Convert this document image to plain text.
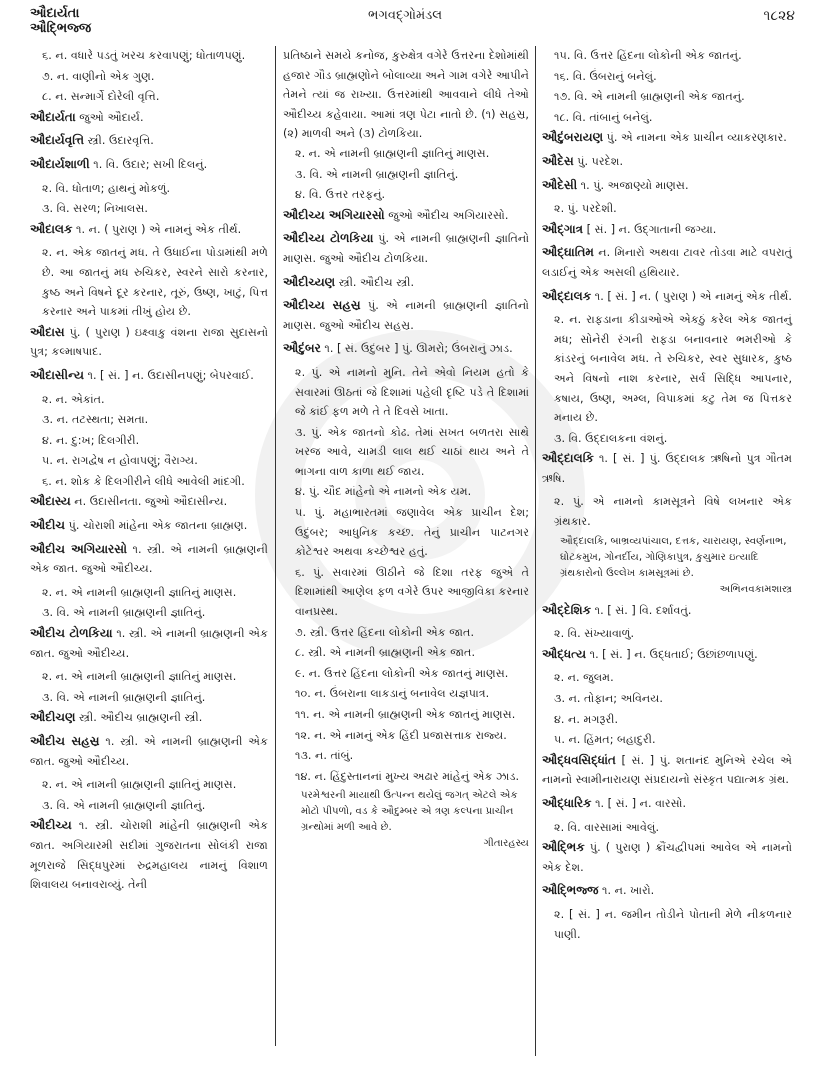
ઔદાર્યતા
ઔદ્ભિજ્જ
ભગવદ્ગોમંડલ	૧૮૨૪
૬. ન. વધારે પડતું ખરચ કરવાપણું; ધોતાળપણું.
૭. ન. વાણીનો એક ગુણ.
૮. ન. સન્માર્ગે દોરેલી વૃત્તિ.
ઔદાર્યતા જુઓ ઔદાર્ય.
ઔદાર્યવૃત્તિ સ્ત્રી. ઉદારવૃત્તિ.
ઔદાર્યશાળી ૧. વિ. ઉદાર; સખી દિલનું.
૨. વિ. ધોતાળ; હાથનું મોકળું.
૩. વિ. સરળ; નિખાલસ.
ઔદાલક ૧. ન. ( પુરાણ ) એ નામનું એક તીર્થ.
૨. ન. એક જાતનું મધ. તે ઉધાઈના પોડામાંથી મળે છે. આ જાતનું મધ રુચિકર, સ્વરને સારો કરનાર, કુષ્ઠ અને વિષને દૂર કરનાર, તૂરું, ઉષ્ણ, ખાટું, પિત્ત કરનાર અને પાકમાં તીખું હોય છે.
ઔદાસ પું. ( પુરાણ ) ઇક્ષ્વાકુ વંશના રાજા સુદાસનો પુત્ર; કલ્માષપાદ.
ઔદાસીન્ય ૧. [ સં. ] ન. ઉદાસીનપણું; બેપરવાઈ.
૨. ન. એકાંત.
૩. ન. તટસ્થતા; સમતા.
૪. ન. દુ:ખ; દિલગીરી.
૫. ન. રાગદ્વેષ ન હોવાપણું; વૈરાગ્ય.
૬. ન. શોક કે દિલગીરીને લીધે આવેલી માંદગી.
ઔદાસ્ય ન. ઉદાસીનતા. જુઓ ઔદાસીન્ય.
ઔદીચ પું. ચોરાશી માંહેના એક જાતના બ્રાહ્મણ.
ઔદીચ અગિયારસો ૧. સ્ત્રી. એ નામની બ્રાહ્મણની એક જાત. જુઓ ઔદીચ્ય.
૨. ન. એ નામની બ્રાહ્મણની જ્ઞાતિનું માણસ.
૩. વિ. એ નામની બ્રાહ્મણની જ્ઞાતિનું.
ઔદીચ ટોળકિયા ૧. સ્ત્રી. એ નામની બ્રાહ્મણની એક જાત. જુઓ ઔદીચ્ય.
૨. ન. એ નામની બ્રાહ્મણની જ્ઞાતિનું માણસ.
૩. વિ. એ નામની બ્રાહ્મણની જ્ઞાતિનું.
ઔદીચણ સ્ત્રી. ઔદીચ બ્રાહ્મણની સ્ત્રી.
ઔદીચ સહસ્ર ૧. સ્ત્રી. એ નામની બ્રાહ્મણની એક જાત. જુઓ ઔદીચ્ય.
૨. ન. એ નામની બ્રાહ્મણની જ્ઞાતિનું માણસ.
૩. વિ. એ નામની બ્રાહ્મણની જ્ઞાતિનું.
ઔદીચ્ય ૧. સ્ત્રી. ચોરાશી માંહેની બ્રાહ્મણની એક જાત. અગિયારમી સદીમાં ગુજરાતના સોલંકી રાજા મૂળરાજે સિદ્ધપુરમાં રુદ્રમહાલય નામનું વિશાળ શિવાલય બનાવરાવ્યું. તેની
પ્રતિષ્ઠાને સમયે કનોજ, કુરુક્ષેત્ર વગેરે ઉત્તરના દેશોમાંથી હજાર ગૌડ બ્રાહ્મણોને બોલાવ્યા અને ગામ વગેરે આપીને તેમને ત્યાં જ રાખ્યા. ઉત્તરમાંથી આવવાને લીધે તેઓ ઔદીચ્ય કહેવાયા. આમાં ત્રણ પેટા નાતો છે. (૧) સહસ્ર, (૨) માળવી અને (૩) ટોળકિયા.
૨. ન. એ નામની બ્રાહ્મણની જ્ઞાતિનું માણસ.
૩. વિ. એ નામની બ્રાહ્મણની જ્ઞાતિનું.
૪. વિ. ઉત્તર તરફનું.
ઔદીચ્ય અગિયારસો જુઓ ઔદીચ અગિયારસો.
ઔદીચ્ય ટોળકિયા પું. એ નામની બ્રાહ્મણની જ્ઞાતિનો માણસ. જુઓ ઔદીચ ટોળકિયા.
ઔદીચ્યણ સ્ત્રી. ઔદીચ સ્ત્રી.
ઔદીચ્ય સહસ્ર પું. એ નામની બ્રાહ્મણની જ્ઞાતિનો માણસ. જુઓ ઔદીચ સહસ્ર.
ઔદુંબર ૧. [ સં. ઉદુંબર ] પું. ઊમરો; ઉંબરાનું ઝાડ.
૨. પું. એ નામનો મુનિ. તેને એવો નિયમ હતો કે સવારમાં ઊઠતાં જે દિશામાં પહેલી દૃષ્ટિ પડે તે દિશામાં જે કાંઈ ફળ મળે તે તે દિવસે ખાતા.
૩. પું. એક જાતનો કોઢ. તેમાં સખત બળતરા સાથે ખરજ આવે, ચામડી લાલ થઈ ચાઠાં થાય અને તે ભાગના વાળ કાળા થઈ જાય.
૪. પું. ચૌદ માંહેનો એ નામનો એક યમ.
૫. પું. મહાભારતમાં જણાવેલ એક પ્રાચીન દેશ; ઉદુંબર; આધુનિક કચ્છ. તેનું પ્રાચીન પાટનગર કોટેશ્વર અથવા કચ્છેશ્વર હતું.
૬. પું. સવારમાં ઊઠીને જે દિશા તરફ જુએ તે દિશામાંથી આણેલ ફળ વગેરે ઉપર આજીવિકા કરનાર વાનપ્રસ્થ.
૭. સ્ત્રી. ઉત્તર હિંદના લોકોની એક જાત.
૮. સ્ત્રી. એ નામની બ્રાહ્મણની એક જાત.
૯. ન. ઉત્તર હિંદના લોકોની એક જાતનું માણસ.
૧૦. ન. ઉંબરાના લાકડાનું બનાવેલ યજ્ઞપાત્ર.
૧૧. ન. એ નામની બ્રાહ્મણની એક જાતનું માણસ.
૧૨. ન. એ નામનું એક હિંદી પ્રજાસત્તાક રાજ્ય.
૧૩. ન. તાંબું.
૧૪. ન. હિંદુસ્તાનનાં મુખ્ય અઢાર માંહેનું એક ઝાડ.
પરમેશ્વરની માયાથી ઉત્પન્ન થયેલું જગત્ એટલે એક મોટો પીપળો, વડ કે ઔદુમ્બર એ ત્રણ કલ્પના પ્રાચીન ગ્રન્થોમાં મળી આવે છે.
ગીતારહસ્ય
૧૫. વિ. ઉત્તર હિંદના લોકોની એક જાતનું.
૧૬. વિ. ઉંબરાનું બનેલું.
૧૭. વિ. એ નામની બ્રાહ્મણની એક જાતનું.
૧૮. વિ. તાંબાનું બનેલું.
ઔદુંબરાયણ પું. એ નામના એક પ્રાચીન વ્યાકરણકાર.
ઔદેસ પું. પરદેશ.
ઔદેસી ૧. પું. અજાણ્યો માણસ.
૨. પું. પરદેશી.
ઔદ્ગાત્ર [ સં. ] ન. ઉદ્ગાતાની જગ્યા.
ઔદ્ઘાતિમ ન. મિનારો અથવા ટાવર તોડવા માટે વપરાતું લડાઈનું એક અસલી હથિયાર.
ઔદ્દાલક ૧. [ સં. ] ન. ( પુરાણ ) એ નામનું એક તીર્થ.
૨. ન. રાફડાના કીડાઓએ એકઠું કરેલ એક જાતનું મધ; સોનેરી રંગની રાફડા બનાવનાર ભમરીઓ કે કાંડરનું બનાવેલ મધ. તે રુચિકર, સ્વર સુધારક, કુષ્ઠ અને વિષનો નાશ કરનાર, સર્વ સિદ્ધિ આપનાર, કષાય, ઉષ્ણ, અમ્લ, વિપાકમાં કટુ તેમ જ પિત્તકર મનાય છે.
૩. વિ. ઉદ્દાલકના વંશનું.
ઔદ્દાલકિ ૧. [ સં. ] પું. ઉદ્દાલક ઋષિનો પુત્ર ગૌતમ ઋષિ.
૨. પું. એ નામનો કામસૂત્રને વિષે લખનાર એક ગ્રંથકાર.
ઔદ્દાલકિ, બાભ્રવ્યપાંચાલ, દત્તક, ચારાયણ, સ્વર્ણનાભ, ઘોટકમુખ, ગોનર્દીય, ગોણિકાપુત્ર, કુચુમાર ઇત્યાદિ ગ્રંથકારોનો ઉલ્લેખ કામસૂત્રમાં છે.
અભિનવકામશાસ્ત્ર
ઔદ્દેશિક ૧. [ સં. ] વિ. દર્શાવતું.
૨. વિ. સંખ્યાવાળું.
ઔદ્ધત્ય ૧. [ સં. ] ન. ઉદ્ધતાઈ; ઉછાંછળાપણું.
૨. ન. જુલમ.
૩. ન. તોફાન; અવિનય.
૪. ન. મગરૂરી.
૫. ન. હિંમત; બહાદુરી.
ઔદ્ધવસિદ્ધાંત [ સં. ] પું. શતાનંદ મુનિએ રચેલ એ નામનો સ્વામીનારાયણ સંપ્રદાયનો સંસ્કૃત પદ્યાત્મક ગ્રંથ.
ઔદ્ધારિક ૧. [ સં. ] ન. વારસો.
૨. વિ. વારસામાં આવેલું.
ઔદ્ભિક પું. ( પુરાણ ) ક્રૌંચદ્વીપમાં આવેલ એ નામનો એક દેશ.
ઔદ્ભિજ્જ ૧. ન. ખારો.
૨. [ સં. ] ન. જમીન તોડીને પોતાની મેળે નીકળનાર પાણી.
